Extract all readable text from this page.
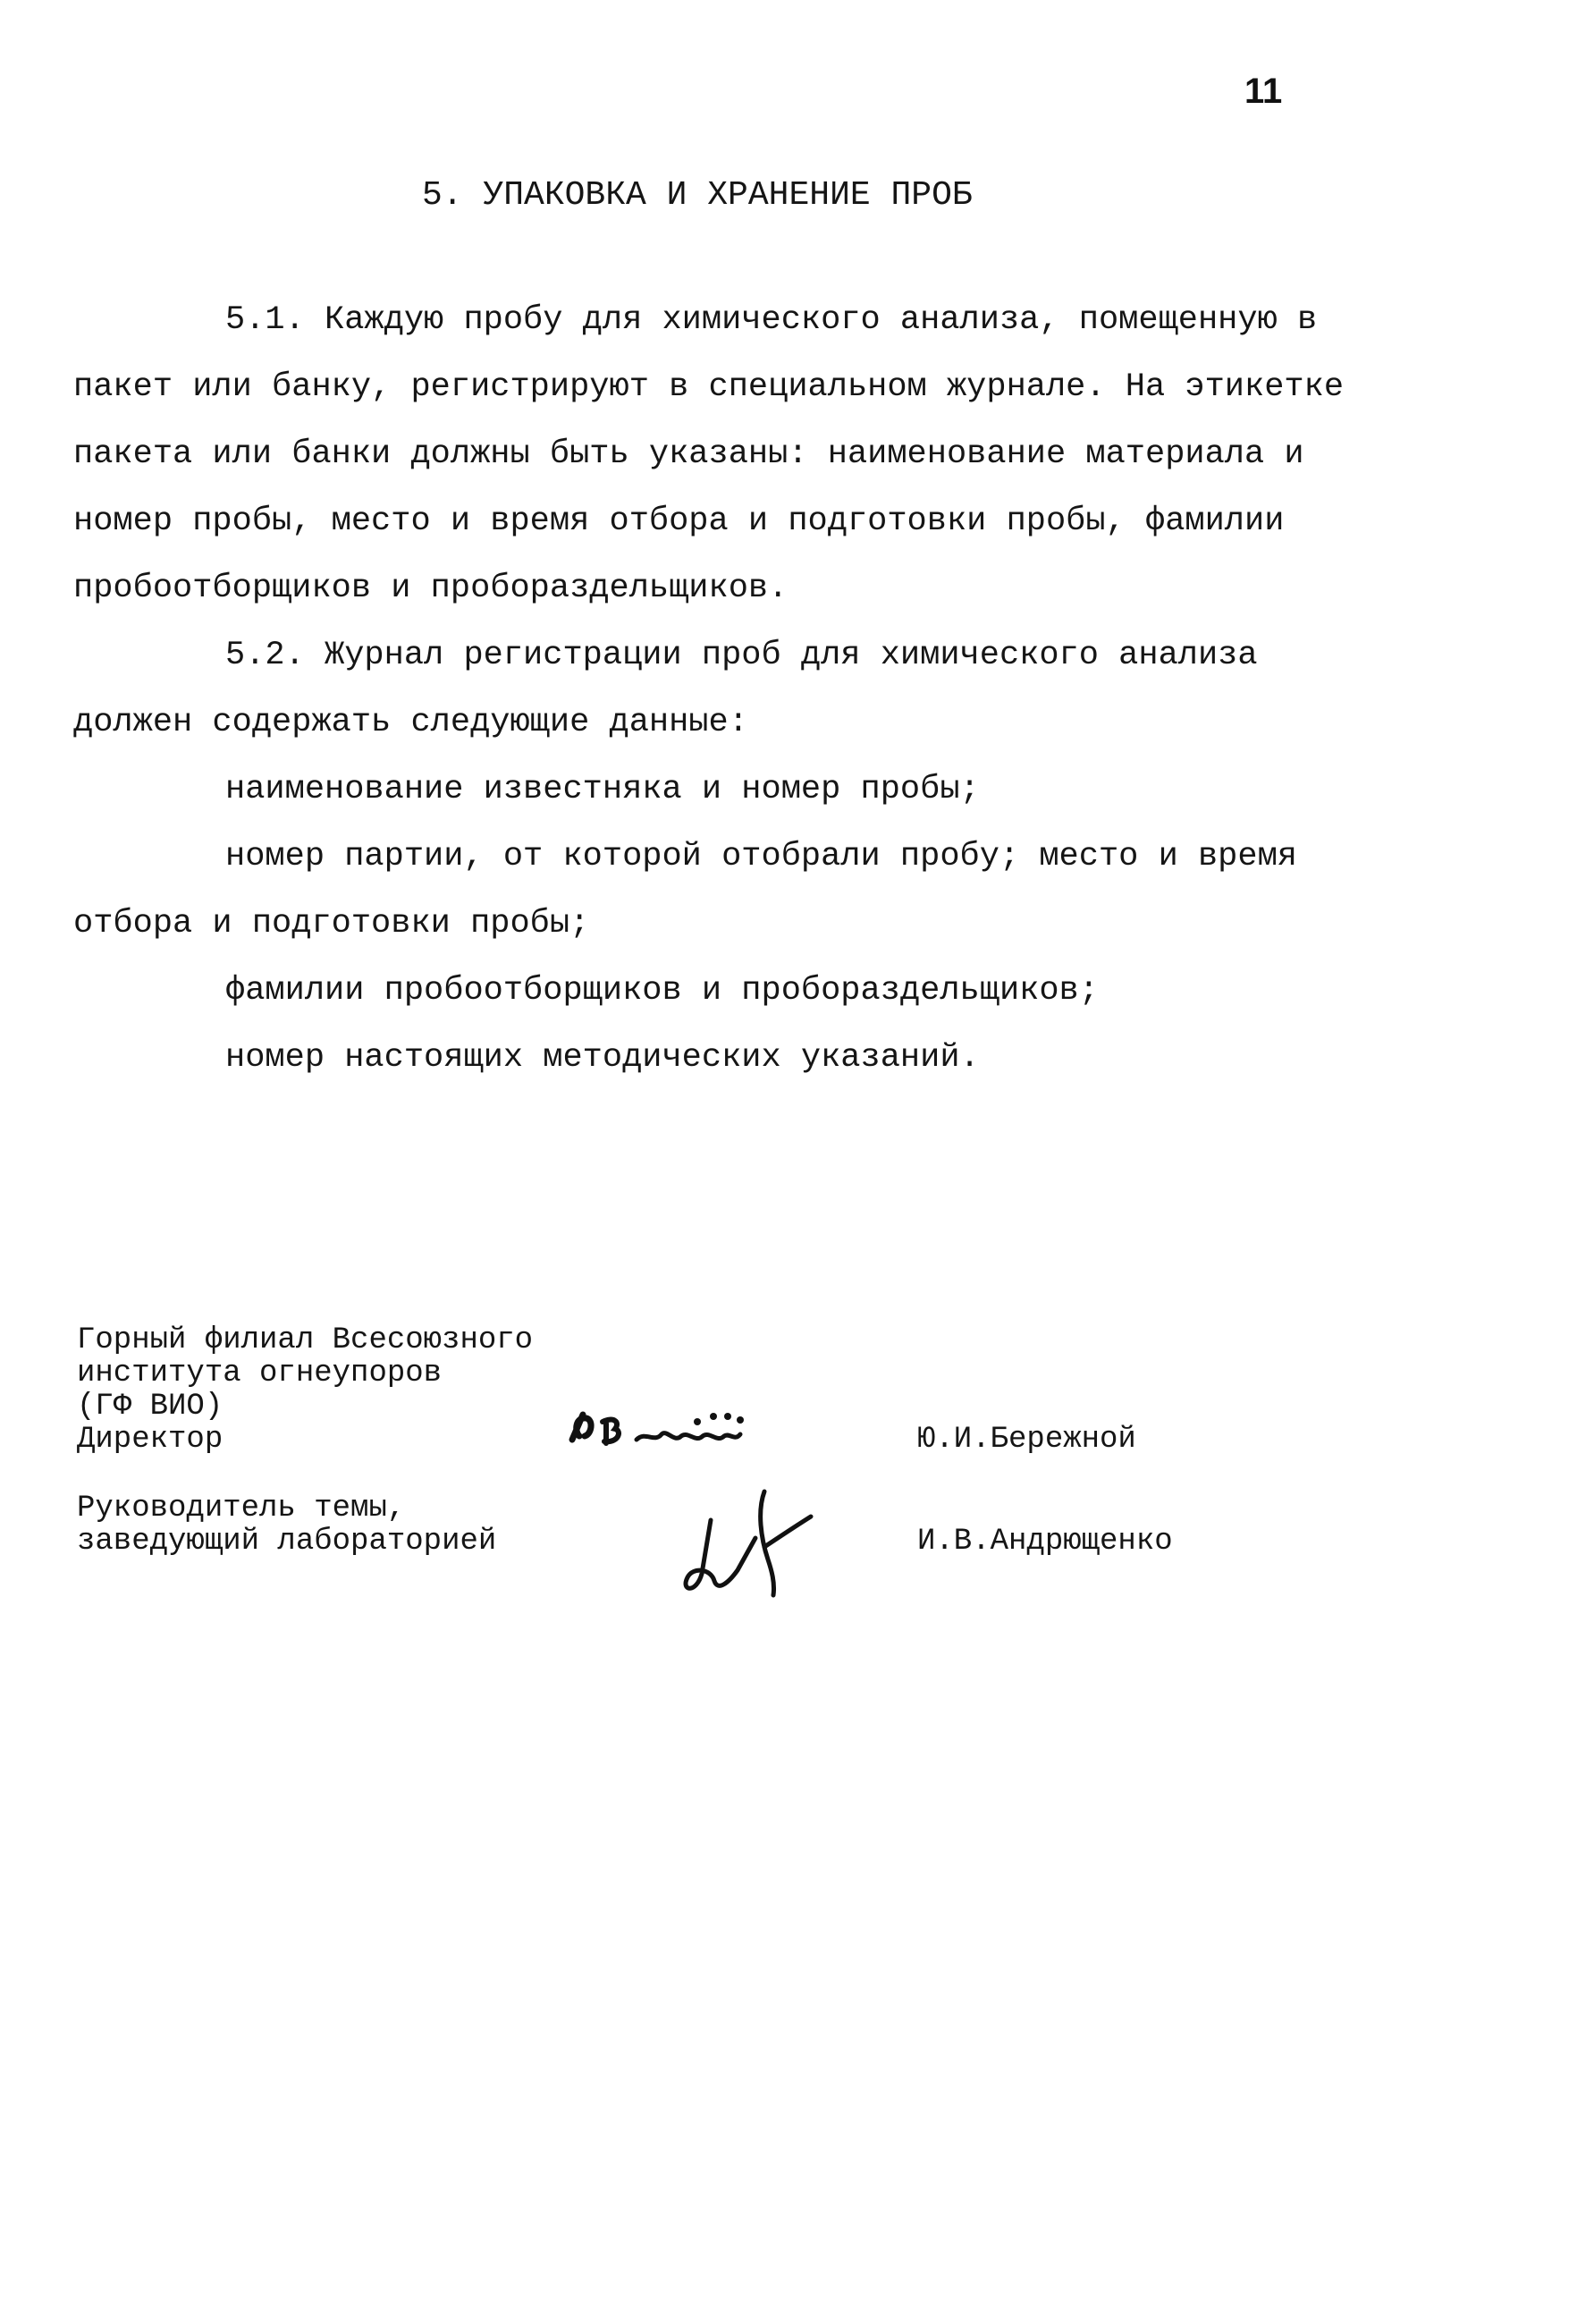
11
5. УПАКОВКА И ХРАНЕНИЕ ПРОБ
5.1. Каждую пробу для химического анализа, помещенную в
пакет или банку, регистрируют в специальном журнале. На этикетке
пакета или банки должны быть указаны: наименование материала и
номер пробы, место и время отбора и подготовки пробы, фамилии
пробоотборщиков и пробораздельщиков.
5.2. Журнал регистрации проб для химического анализа
должен содержать следующие данные:
наименование известняка и номер пробы;
номер партии, от которой отобрали пробу; место и время
отбора и подготовки пробы;
фамилии пробоотборщиков и пробораздельщиков;
номер настоящих методических указаний.
Горный филиал Всесоюзного
института огнеупоров
(ГФ ВИО)
Директор	Ю.И.Бережной
Руководитель темы,
заведующий лабораторией	И.В.Андрющенко
